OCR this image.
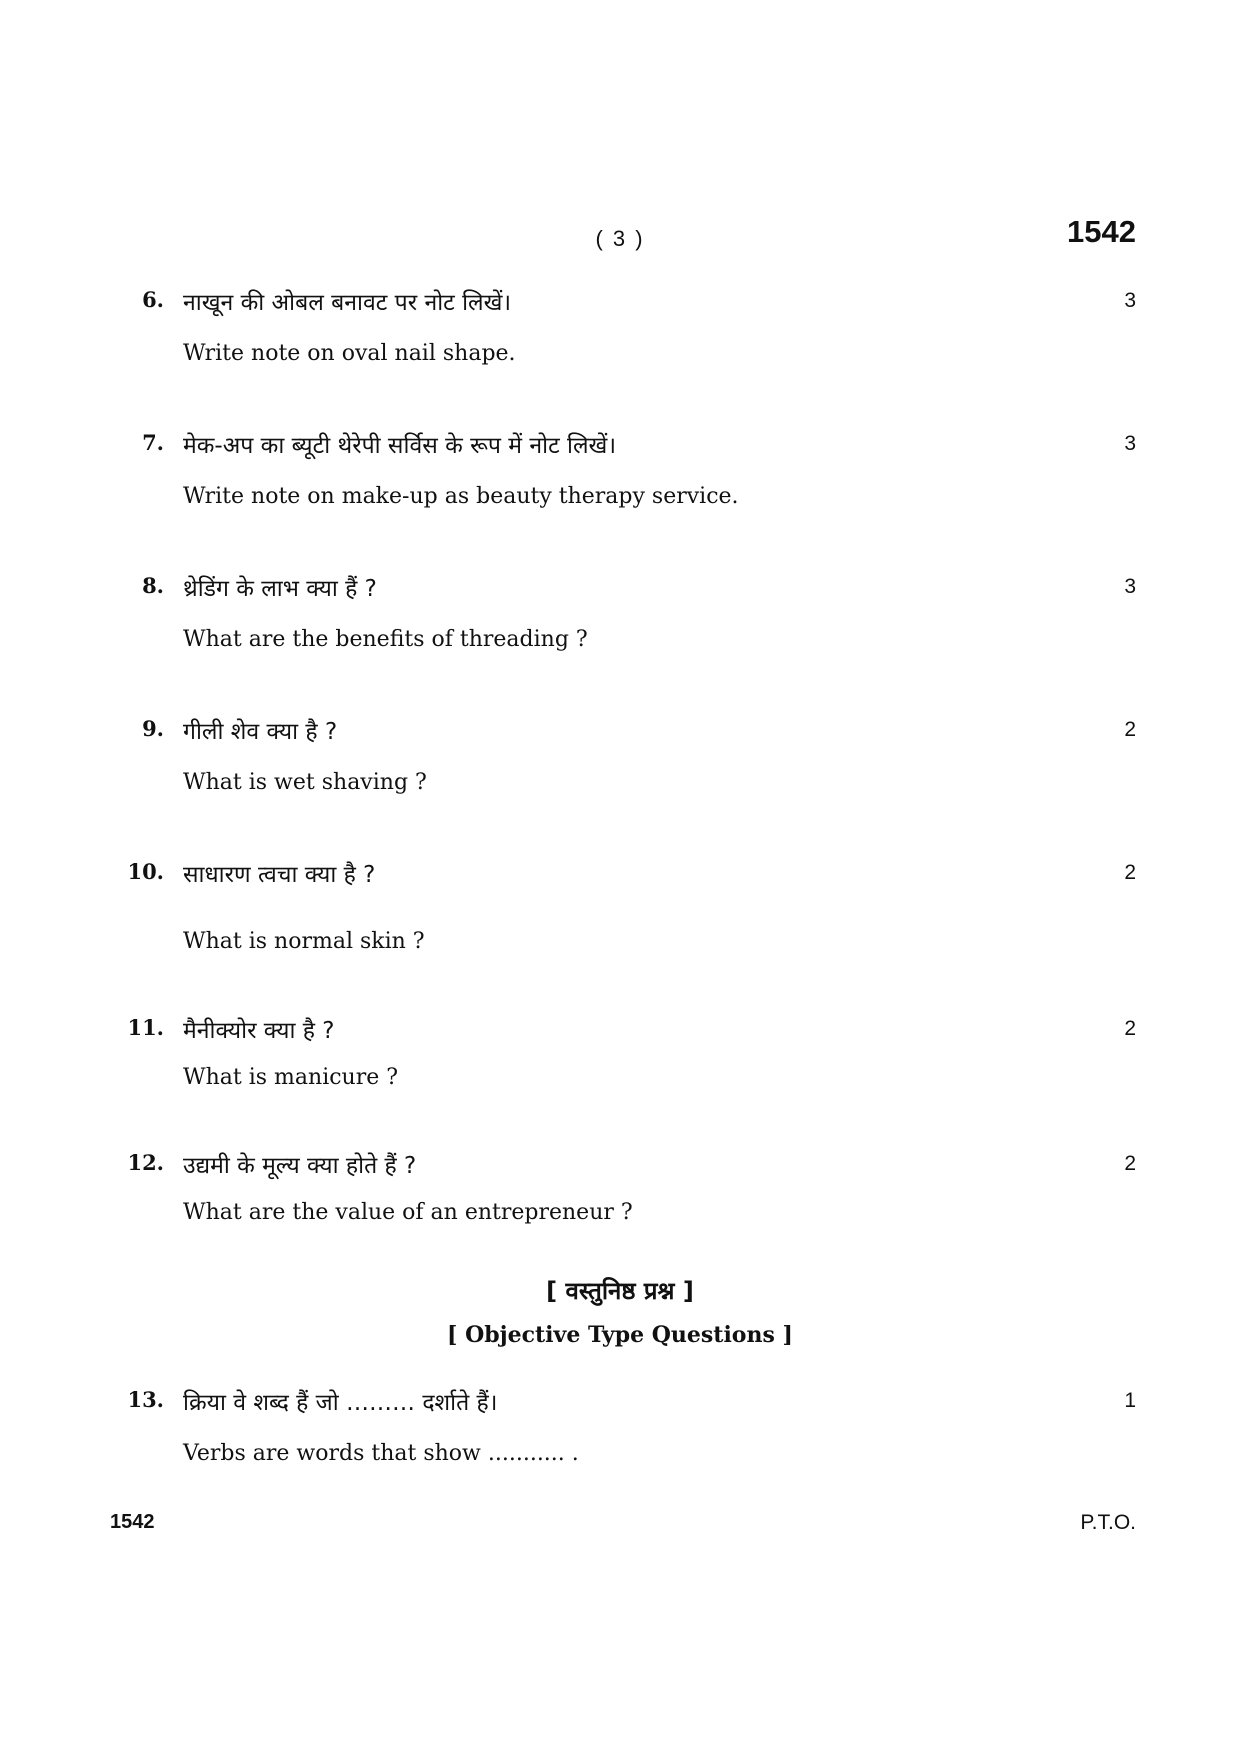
( 3 )	1542
6. नाखून की ओबल बनावट पर नोट लिखें।	3
Write note on oval nail shape.
7. मेक-अप का ब्यूटी थेरेपी सर्विस के रूप में नोट लिखें।	3
Write note on make-up as beauty therapy service.
8. थ्रेडिंग के लाभ क्या हैं ?	3
What are the benefits of threading ?
9. गीली शेव क्या है ?	2
What is wet shaving ?
10. साधारण त्वचा क्या है ?	2
What is normal skin ?
11. मैनीक्योर क्या है ?	2
What is manicure ?
12. उद्यमी के मूल्य क्या होते हैं ?	2
What are the value of an entrepreneur ?
[ वस्तुनिष्ठ प्रश्न ]
[ Objective Type Questions ]
13. क्रिया वे शब्द हैं जो ……… दर्शाते हैं।	1
Verbs are words that show ........... .
1542	P.T.O.
